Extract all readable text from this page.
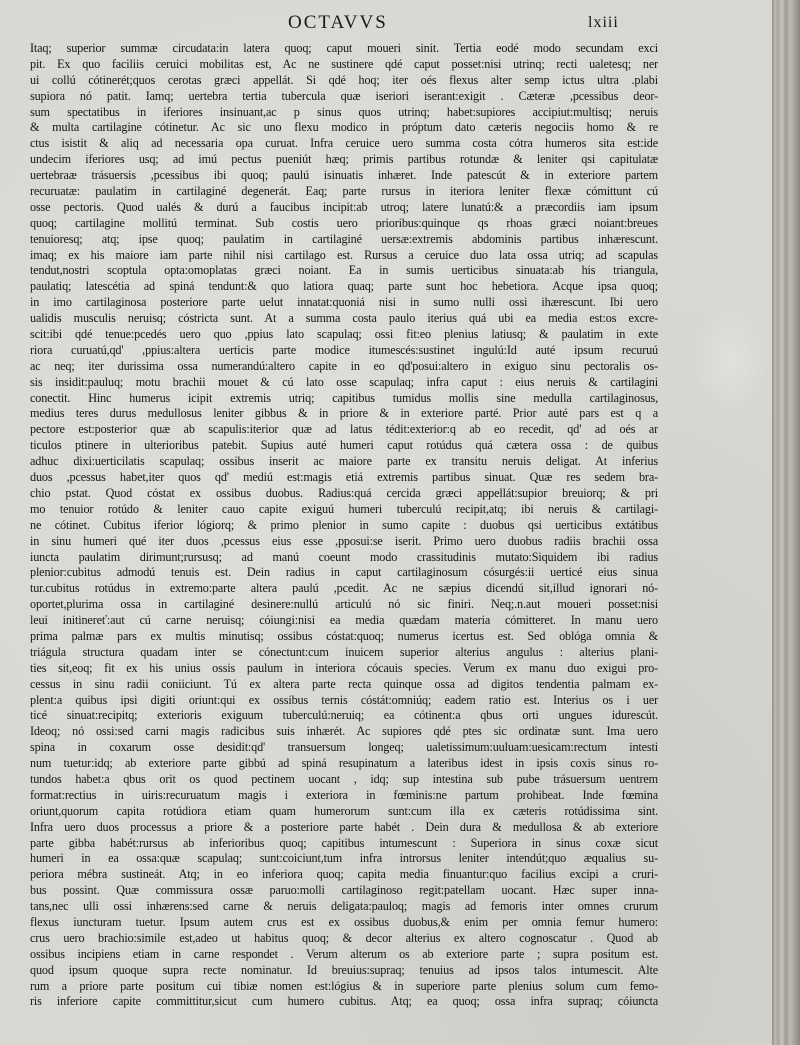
OCTAVVS	lxiii
Itaq; superior summæ circudata:in latera quoq; caput moueri sinit. Tertia eodé modo secundam exci
pit. Ex quo faciliis ceruici mobilitas est, Ac ne sustinere qdé caput posset:nisi utrinq; recti ualetesq; ner
ui collú cótinerét;quos cerotas græci appellát. Si qdé hoq; iter oés flexus alter semp ictus ultra .plabi
supiora nó patit. Iamq; uertebra tertia tubercula quæ iseriori iserant:exigit . Cæteræ ,pcessibus deor-
sum spectatibus in iferiores insinuant,ac p sinus quos utrinq; habet:supiores accipiut:multisq; neruis
& multa cartilagine cótinetur. Ac sic uno flexu modico in próptum dato cæteris negociis homo & re
ctus isistit & aliq ad necessaria opa curuat. Infra ceruice uero summa costa cótra humeros sita est:ide
undecim iferiores usq; ad imú pectus pueniút hæq; primis partibus rotundæ & leniter qsi capitulatæ
uertebraæ trásuersis ,pcessibus ibi quoq; paulú isinuatis inhæret. Inde patescút & in exteriore partem
recuruatæ: paulatim in cartilaginé degenerát. Eaq; parte rursus in iteriora leniter flexæ cómittunt cú
osse pectoris. Quod ualés & durú a faucibus incipit:ab utroq; latere lunatú:& a præcordiis iam ipsum
quoq; cartilagine mollitú terminat. Sub costis uero prioribus:quinque qs rhoas græci noiant:breues
tenuioresq; atq; ipse quoq; paulatim in cartilaginé uersæ:extremis abdominis partibus inhærescunt.
imaq; ex his maiore iam parte nihil nisi cartilago est. Rursus a ceruice duo lata ossa utriq; ad scapulas
tendut,nostri scoptula opta:omoplatas græci noiant. Ea in sumis uerticibus sinuata:ab his triangula,
paulatiq; latescétia ad spiná tendunt:& quo latiora quaq; parte sunt hoc hebetiora. Acque ipsa quoq;
in imo cartilaginosa posteriore parte uelut innatat:quoniá nisi in sumo nulli ossi ihærescunt. Ibi uero
ualidis musculis neruisq; cóstricta sunt. At a summa costa paulo iterius quá ubi ea media est:os excre-
scit:ibi qdé tenue:pcedés uero quo ,ppius lato scapulaq; ossi fit:eo plenius latiusq; & paulatim in exte
riora curuatú,qd' ,ppius:altera uerticis parte modice itumescés:sustinet ingulú:Id auté ipsum recuruú
ac neq; iter durissima ossa numerandú:altero capite in eo qd'posui:altero in exiguo sinu pectoralis os-
sis insidit:pauluq; motu brachii mouet & cú lato osse scapulaq; infra caput : eius neruis & cartilagini
conectit. Hinc humerus icipit extremis utriq; capitibus tumidus mollis sine medulla cartilaginosus,
medius teres durus medullosus leniter gibbus & in priore & in exteriore parté. Prior auté pars est q a
pectore est:posterior quæ ab scapulis:iterior quæ ad latus tédit:exterior:q ab eo recedit, qd' ad oés ar
ticulos ptinere in ulterioribus patebit. Supius auté humeri caput rotúdus quá cætera ossa : de quibus
adhuc dixi:uerticilatis scapulaq; ossibus inserit ac maiore parte ex transitu neruis deligat. At inferius
duos ,pcessus habet,iter quos qd' mediú est:magis etiá extremis partibus sinuat. Quæ res sedem bra-
chio pstat. Quod cóstat ex ossibus duobus. Radius:quá cercida græci appellát:supior breuiorq; & pri
mo tenuior rotúdo & leniter cauo capite exiguú humeri tuberculú recipit,atq; ibi neruis & cartilagi-
ne cótinet. Cubitus iferior lógiorq; & primo plenior in sumo capite : duobus qsi uerticibus extátibus
in sinu humeri qué iter duos ,pcessus eius esse ,pposui:se iserit. Primo uero duobus radiis brachii ossa
iuncta paulatim dirimunt;rursusq; ad manú coeunt modo crassitudinis mutato:Siquidem ibi radius
plenior:cubitus admodú tenuis est. Dein radius in caput cartilaginosum cósurgés:ii uerticé eius sinua
tur.cubitus rotúdus in extremo:parte altera paulú ,pcedit. Ac ne sæpius dicendú sit,illud ignorari nó-
oportet,plurima ossa in cartilaginé desinere:nullú articulú nó sic finiri. Neq;.n.aut moueri posset:nisi
leui initinereť:aut cú carne neruisq; cóiungi:nisi ea media quædam materia cómitteret. In manu uero
prima palmæ pars ex multis minutisq; ossibus cóstat:quoq; numerus icertus est. Sed oblóga omnia &
triágula structura quadam inter se cónectunt:cum inuicem superior alterius angulus : alterius plani-
ties sit,eoq; fit ex his unius ossis paulum in interiora cócauis species. Verum ex manu duo exigui pro-
cessus in sinu radii coniiciunt. Tú ex altera parte recta quinque ossa ad digitos tendentia palmam ex-
plent:a quibus ipsi digiti oriunt:qui ex ossibus ternis cóstát:omniúq; eadem ratio est. Interius os i uer
ticé sinuat:recipitq; exterioris exiguum tuberculú:neruiq; ea cótinent:a qbus orti ungues idurescút.
Ideoq; nó ossi:sed carni magis radicibus suis inhærét. Ac supiores qdé ptes sic ordinatæ sunt. Ima uero
spina in coxarum osse desidit:qd' transuersum longeq; ualetissimum:uuluam:uesicam:rectum intesti
num tuetur:idq; ab exteriore parte gibbú ad spiná resupinatum a lateribus idest in ipsis coxis sinus ro-
tundos habet:a qbus orit os quod pectinem uocant , idq; sup intestina sub pube trásuersum uentrem
format:rectius in uiris:recuruatum magis i exteriora in fœminis:ne partum prohibeat. Inde fœmina
oriunt,quorum capita rotúdiora etiam quam humerorum sunt:cum illa ex cæteris rotúdissima sint.
Infra uero duos processus a priore & a posteriore parte habét . Dein dura & medullosa & ab exteriore
parte gibba habét:rursus ab inferioribus quoq; capitibus intumescunt : Superiora in sinus coxæ sicut
humeri in ea ossa:quæ scapulaq; sunt:coiciunt,tum infra introrsus leniter intendút;quo æqualius su-
periora mébra sustineát. Atq; in eo inferiora quoq; capita media finuantur:quo facilius excipi a cruri-
bus possint. Quæ commissura ossæ paruo:molli cartilaginoso regit:patellam uocant. Hæc super inna-
tans,nec ulli ossi inhærens:sed carne & neruis deligata:pauloq; magis ad femoris inter omnes crurum
flexus iuncturam tuetur. Ipsum autem crus est ex ossibus duobus,& enim per omnia femur humero:
crus uero brachio:simile est,adeo ut habitus quoq; & decor alterius ex altero cognoscatur . Quod ab
ossibus incipiens etiam in carne respondet . Verum alterum os ab exteriore parte ; supra positum est.
quod ipsum quoque supra recte nominatur. Id breuius:supraq; tenuius ad ipsos talos intumescit. Alte
rum a priore parte positum cui tibiæ nomen est:lógius & in superiore parte plenius solum cum femo-
ris inferiore capite committitur,sicut cum humero cubitus. Atq; ea quoq; ossa infra supraq; cóiuncta
